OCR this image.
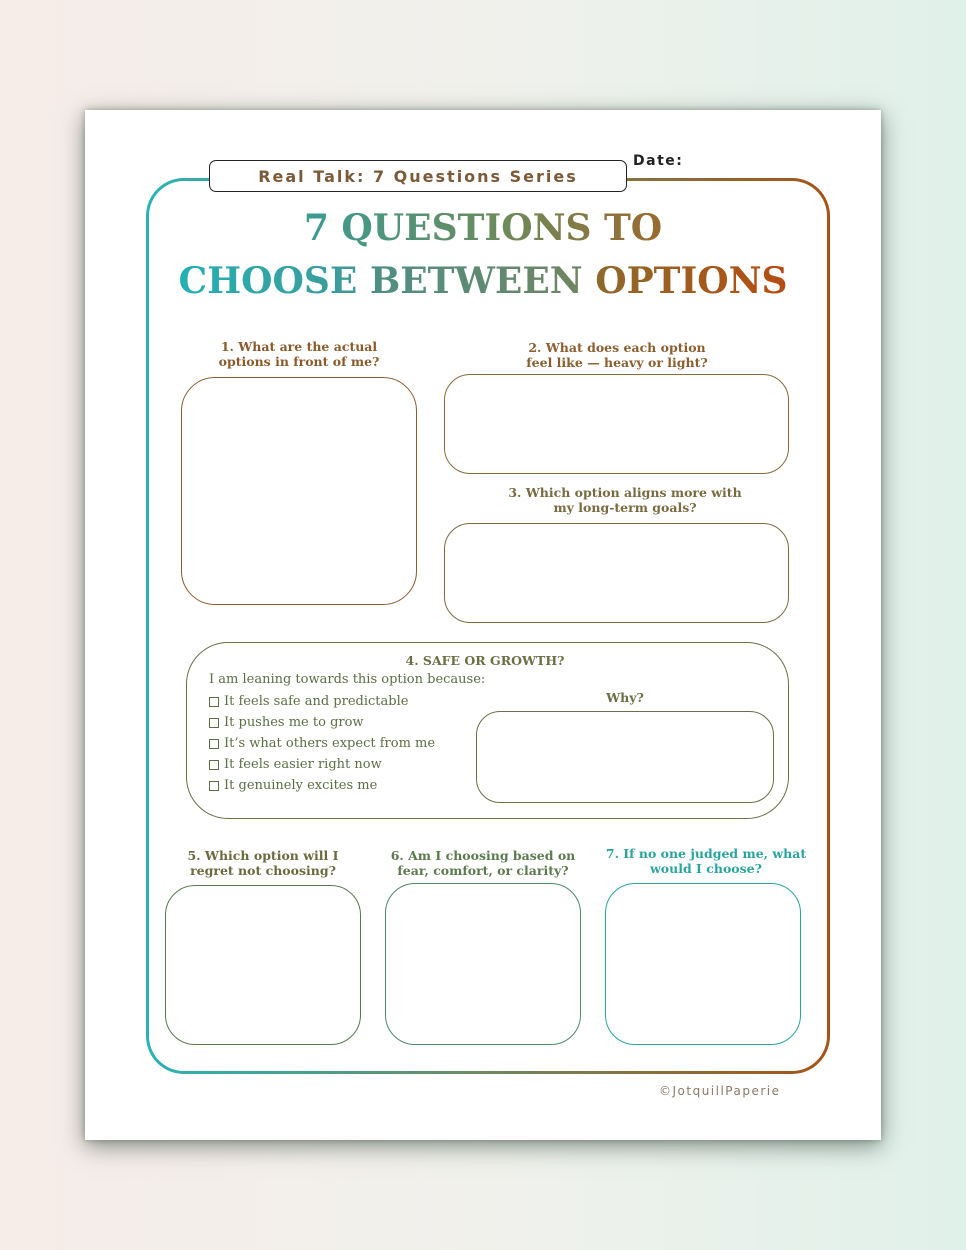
Real Talk: 7 Questions Series
Date:
7 QUESTIONS TO
CHOOSE BETWEEN OPTIONS
1. What are the actual
options in front of me?
2. What does each option
feel like — heavy or light?
3. Which option aligns more with
my long-term goals?
4. SAFE OR GROWTH?
I am leaning towards this option because:
It feels safe and predictable
It pushes me to grow
It’s what others expect from me
It feels easier right now
It genuinely excites me
Why?
5. Which option will I
regret not choosing?
6. Am I choosing based on
fear, comfort, or clarity?
7. If no one judged me, what
would I choose?
©JotquillPaperie
